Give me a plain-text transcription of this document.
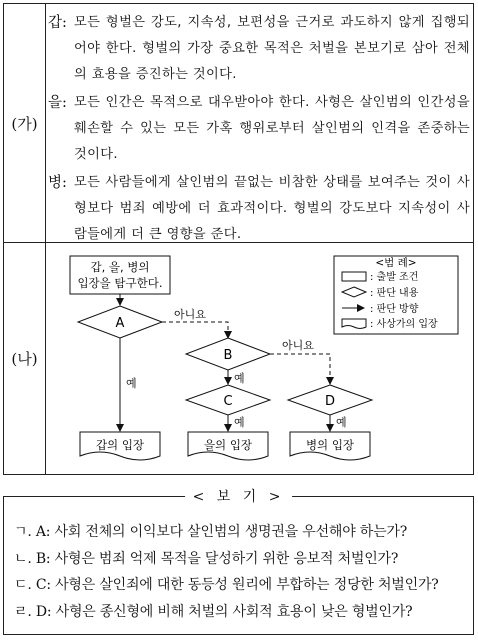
(가)
갑: 모든 형벌은 강도, 지속성, 보편성을 근거로 과도하지 않게 집행되어야 한다. 형벌의 가장 중요한 목적은 처벌을 본보기로 삼아 전체의 효용을 증진하는 것이다.
을: 모든 인간은 목적으로 대우받아야 한다. 사형은 살인범의 인간성을 훼손할 수 있는 모든 가혹 행위로부터 살인범의 인격을 존중하는 것이다.
병: 모든 사람들에게 살인범의 끝없는 비참한 상태를 보여주는 것이 사형보다 범죄 예방에 더 효과적이다. 형벌의 강도보다 지속성이 사람들에게 더 큰 영향을 준다.
(나)
갑, 을, 병의
입장을 탐구한다.
A
예
아니요
B
예
아니요
C
예
D
예
갑의 입장	을의 입장	병의 입장
<범 례>
: 출발 조건
: 판단 내용
: 판단 방향
: 사상가의 입장
< 보 기 >
ㄱ. A: 사회 전체의 이익보다 살인범의 생명권을 우선해야 하는가?
ㄴ. B: 사형은 범죄 억제 목적을 달성하기 위한 응보적 처벌인가?
ㄷ. C: 사형은 살인죄에 대한 동등성 원리에 부합하는 정당한 처벌인가?
ㄹ. D: 사형은 종신형에 비해 처벌의 사회적 효용이 낮은 형벌인가?
